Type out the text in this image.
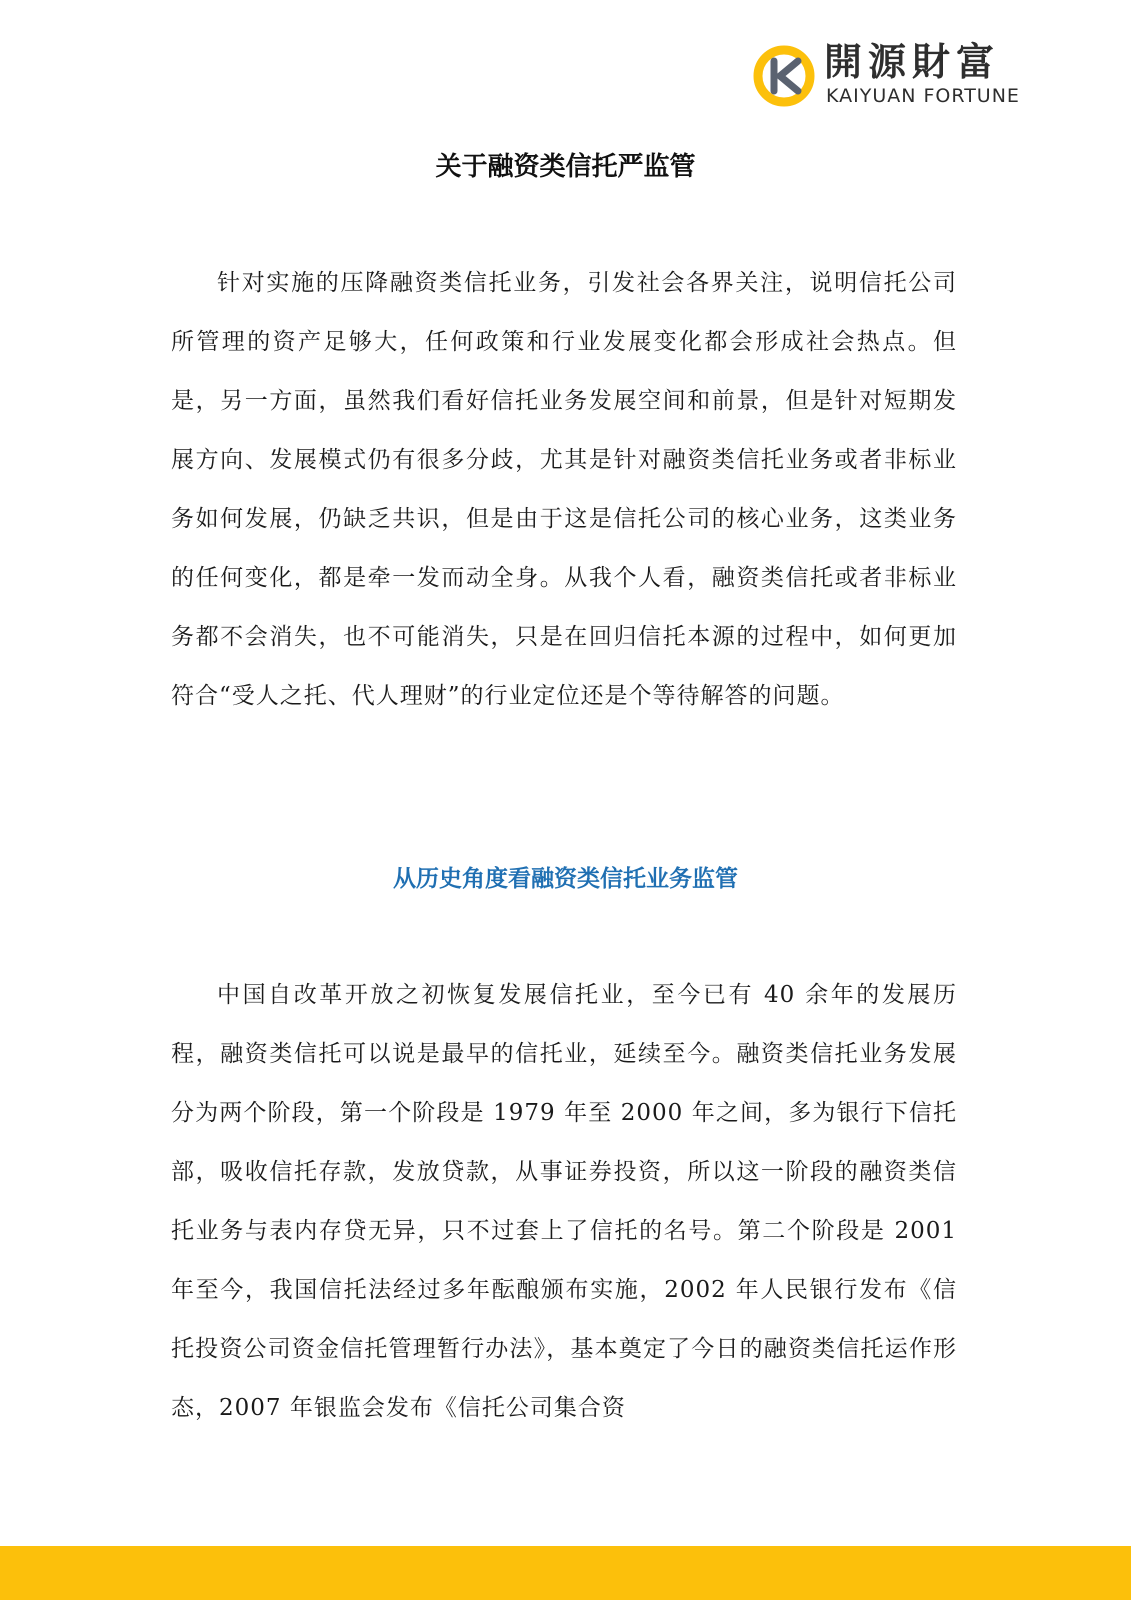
開源財富
KAIYUAN FORTUNE
关于融资类信托严监管

针对实施的压降融资类信托业务，引发社会各界关注，说明信托公司所管理的资产足够大，任何政策和行业发展变化都会形成社会热点。但是，另一方面，虽然我们看好信托业务发展空间和前景，但是针对短期发展方向、发展模式仍有很多分歧，尤其是针对融资类信托业务或者非标业务如何发展，仍缺乏共识，但是由于这是信托公司的核心业务，这类业务的任何变化，都是牵一发而动全身。从我个人看，融资类信托或者非标业务都不会消失，也不可能消失，只是在回归信托本源的过程中，如何更加符合“受人之托、代人理财”的行业定位还是个等待解答的问题。

从历史角度看融资类信托业务监管

中国自改革开放之初恢复发展信托业，至今已有 40 余年的发展历程，融资类信托可以说是最早的信托业，延续至今。融资类信托业务发展分为两个阶段，第一个阶段是 1979 年至 2000 年之间，多为银行下信托部，吸收信托存款，发放贷款，从事证券投资，所以这一阶段的融资类信托业务与表内存贷无异，只不过套上了信托的名号。第二个阶段是 2001 年至今，我国信托法经过多年酝酿颁布实施，2002 年人民银行发布《信托投资公司资金信托管理暂行办法》，基本奠定了今日的融资类信托运作形态，2007 年银监会发布《信托公司集合资
